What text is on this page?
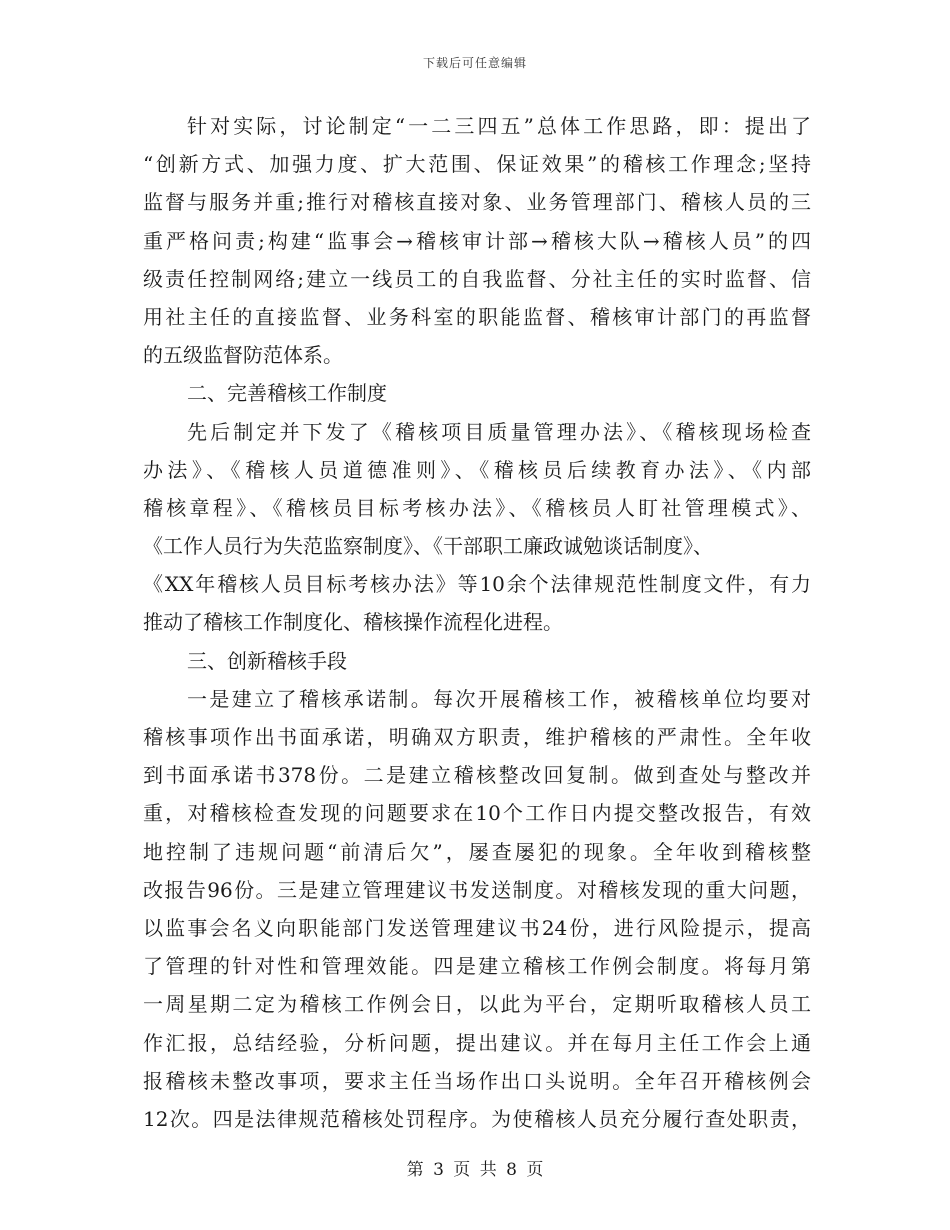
下载后可任意编辑
针对实际，讨论制定“一二三四五”总体工作思路，即：提出了
“创新方式、加强力度、扩大范围、保证效果”的稽核工作理念;坚持
监督与服务并重;推行对稽核直接对象、业务管理部门、稽核人员的三
重严格问责;构建“监事会→稽核审计部→稽核大队→稽核人员”的四
级责任控制网络;建立一线员工的自我监督、分社主任的实时监督、信
用社主任的直接监督、业务科室的职能监督、稽核审计部门的再监督
的五级监督防范体系。
二、完善稽核工作制度
先后制定并下发了《稽核项目质量管理办法》、《稽核现场检查
办法》、《稽核人员道德准则》、《稽核员后续教育办法》、《内部
稽核章程》、《稽核员目标考核办法》、《稽核员人盯社管理模式》、
《工作人员行为失范监察制度》、《干部职工廉政诚勉谈话制度》、
《XX年稽核人员目标考核办法》等10余个法律规范性制度文件，有力
推动了稽核工作制度化、稽核操作流程化进程。
三、创新稽核手段
一是建立了稽核承诺制。每次开展稽核工作，被稽核单位均要对
稽核事项作出书面承诺，明确双方职责，维护稽核的严肃性。全年收
到书面承诺书378份。二是建立稽核整改回复制。做到查处与整改并
重，对稽核检查发现的问题要求在10个工作日内提交整改报告，有效
地控制了违规问题“前清后欠”，屡查屡犯的现象。全年收到稽核整
改报告96份。三是建立管理建议书发送制度。对稽核发现的重大问题，
以监事会名义向职能部门发送管理建议书24份，进行风险提示，提高
了管理的针对性和管理效能。四是建立稽核工作例会制度。将每月第
一周星期二定为稽核工作例会日，以此为平台，定期听取稽核人员工
作汇报，总结经验，分析问题，提出建议。并在每月主任工作会上通
报稽核未整改事项，要求主任当场作出口头说明。全年召开稽核例会
12次。四是法律规范稽核处罚程序。为使稽核人员充分履行查处职责，
第 3 页 共 8 页
